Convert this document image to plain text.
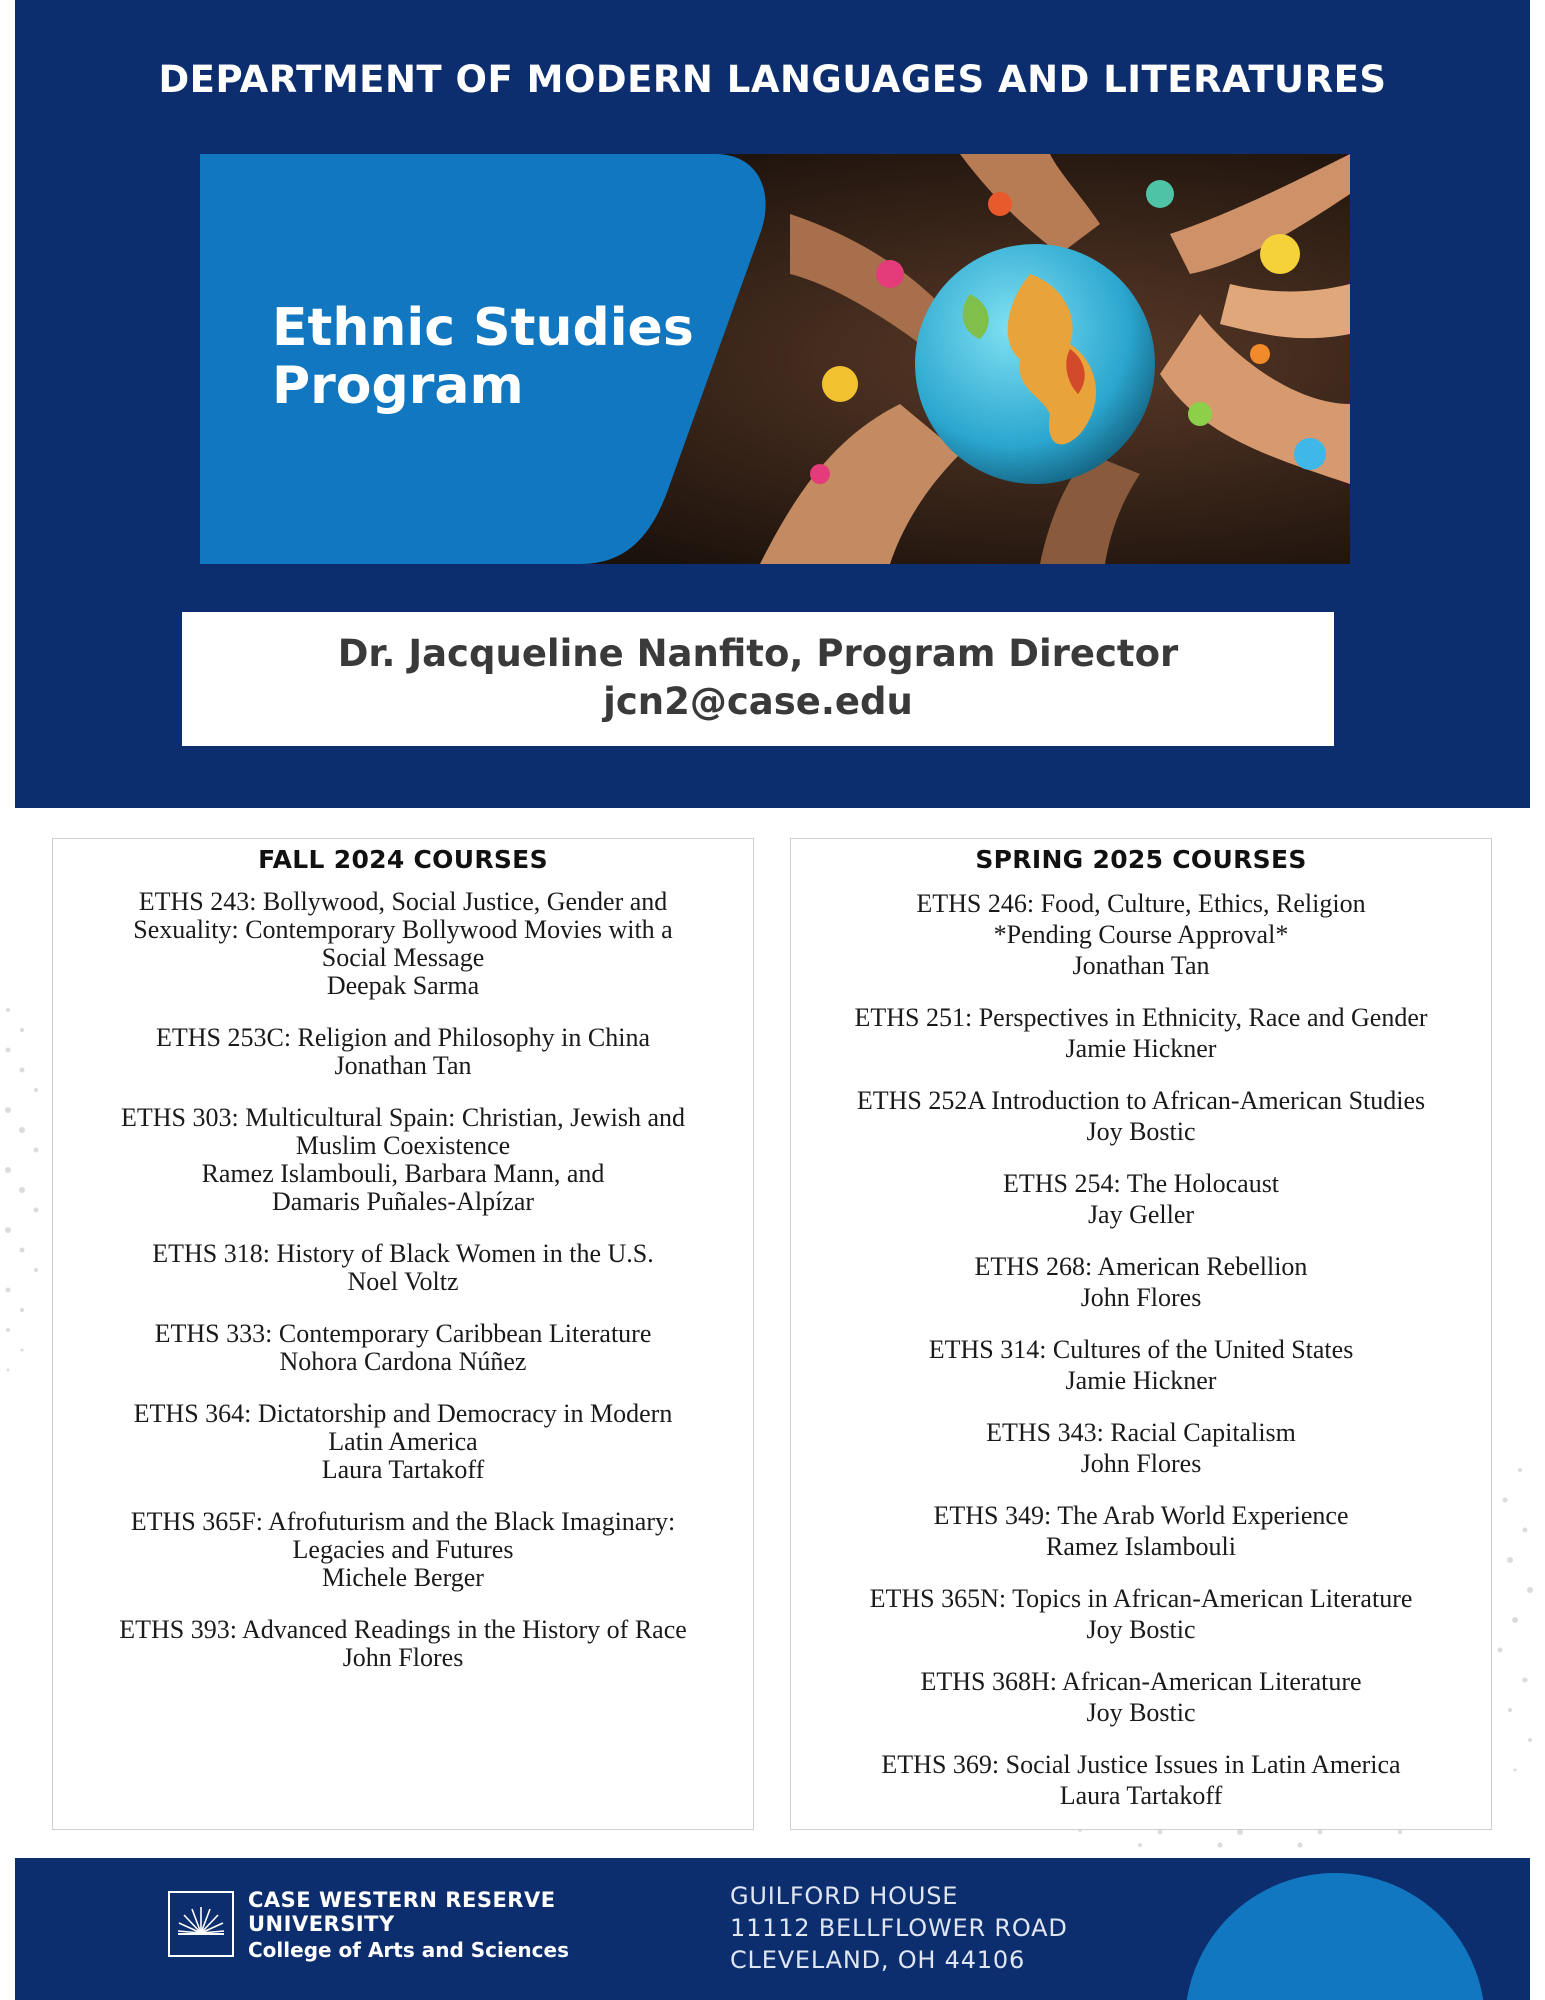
DEPARTMENT OF MODERN LANGUAGES AND LITERATURES
Ethnic Studies
Program
Dr. Jacqueline Nanfito, Program Director
jcn2@case.edu
FALL 2024 COURSES
ETHS 243: Bollywood, Social Justice, Gender and
Sexuality: Contemporary Bollywood Movies with a
Social Message
Deepak Sarma
ETHS 253C: Religion and Philosophy in China
Jonathan Tan
ETHS 303: Multicultural Spain: Christian, Jewish and
Muslim Coexistence
Ramez Islambouli, Barbara Mann, and
Damaris Puñales-Alpízar
ETHS 318: History of Black Women in the U.S.
Noel Voltz
ETHS 333: Contemporary Caribbean Literature
Nohora Cardona Núñez
ETHS 364: Dictatorship and Democracy in Modern
Latin America
Laura Tartakoff
ETHS 365F: Afrofuturism and the Black Imaginary:
Legacies and Futures
Michele Berger
ETHS 393: Advanced Readings in the History of Race
John Flores
SPRING 2025 COURSES
ETHS 246: Food, Culture, Ethics, Religion
*Pending Course Approval*
Jonathan Tan
ETHS 251: Perspectives in Ethnicity, Race and Gender
Jamie Hickner
ETHS 252A Introduction to African-American Studies
Joy Bostic
ETHS 254: The Holocaust
Jay Geller
ETHS 268: American Rebellion
John Flores
ETHS 314: Cultures of the United States
Jamie Hickner
ETHS 343: Racial Capitalism
John Flores
ETHS 349: The Arab World Experience
Ramez Islambouli
ETHS 365N: Topics in African-American Literature
Joy Bostic
ETHS 368H: African-American Literature
Joy Bostic
ETHS 369: Social Justice Issues in Latin America
Laura Tartakoff
CASE WESTERN RESERVE
UNIVERSITY
College of Arts and Sciences
GUILFORD HOUSE
11112 BELLFLOWER ROAD
CLEVELAND, OH 44106
